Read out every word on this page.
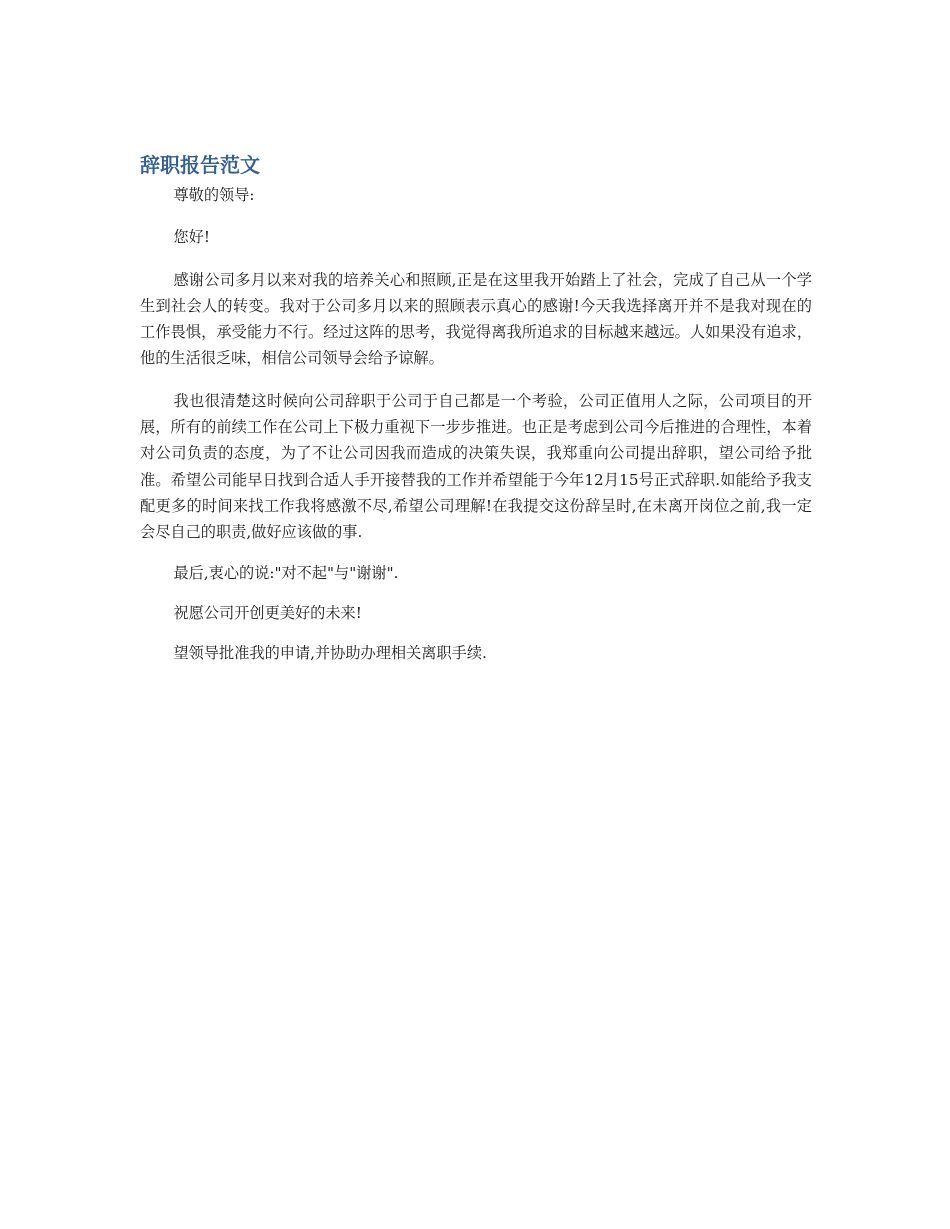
辞职报告范文

尊敬的领导:

您好!

感谢公司多月以来对我的培养关心和照顾,正是在这里我开始踏上了社会，完成了自己从一个学生到社会人的转变。我对于公司多月以来的照顾表示真心的感谢!今天我选择离开并不是我对现在的工作畏惧，承受能力不行。经过这阵的思考，我觉得离我所追求的目标越来越远。人如果没有追求，他的生活很乏味，相信公司领导会给予谅解。

我也很清楚这时候向公司辞职于公司于自己都是一个考验，公司正值用人之际，公司项目的开展，所有的前续工作在公司上下极力重视下一步步推进。也正是考虑到公司今后推进的合理性，本着对公司负责的态度，为了不让公司因我而造成的决策失误，我郑重向公司提出辞职，望公司给予批准。希望公司能早日找到合适人手开接替我的工作并希望能于今年12月15号正式辞职.如能给予我支配更多的时间来找工作我将感激不尽,希望公司理解!在我提交这份辞呈时,在未离开岗位之前,我一定会尽自己的职责,做好应该做的事.

最后,衷心的说:"对不起"与"谢谢".

祝愿公司开创更美好的未来!

望领导批准我的申请,并协助办理相关离职手续.
